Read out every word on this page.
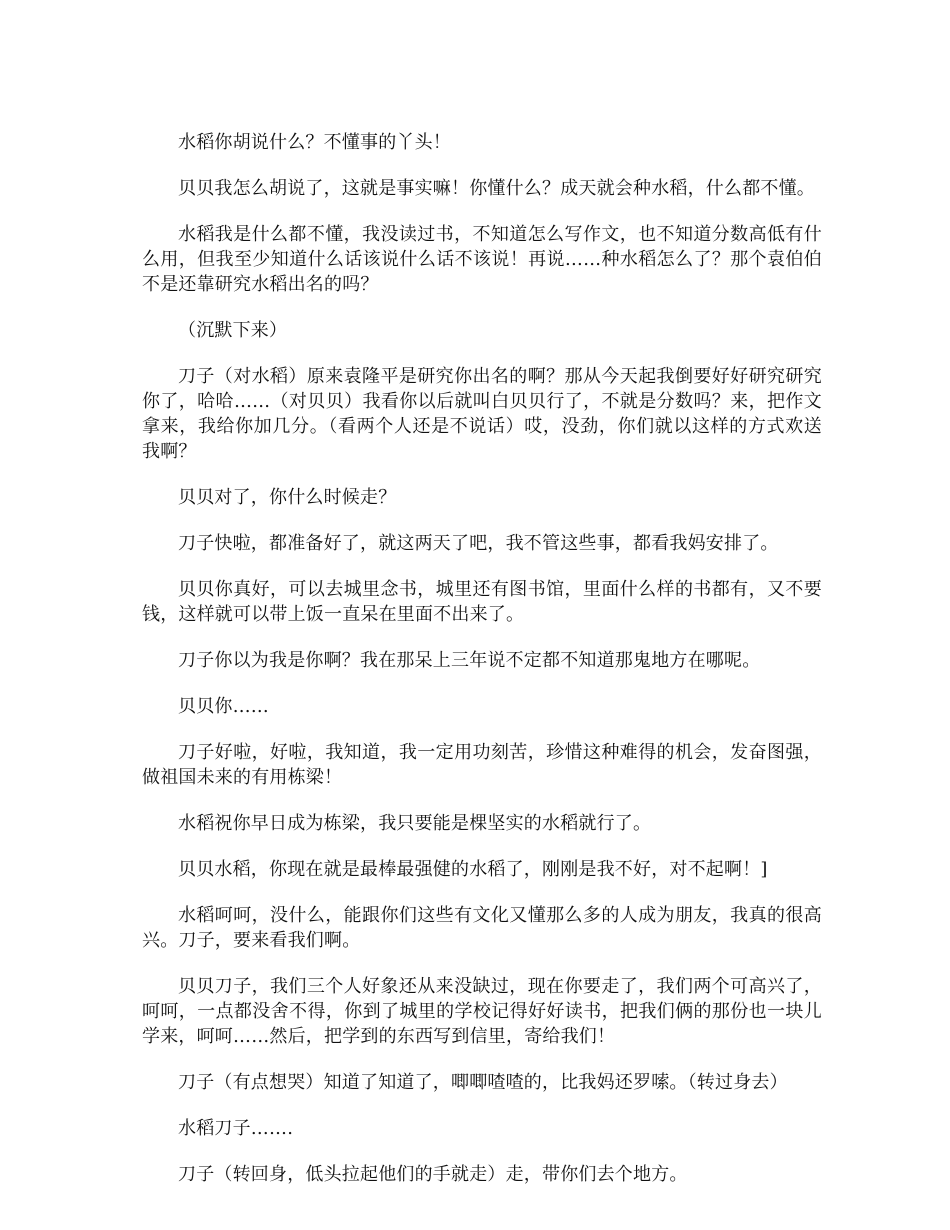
水稻你胡说什么？不懂事的丫头！

贝贝我怎么胡说了，这就是事实嘛！你懂什么？成天就会种水稻，什么都不懂。

水稻我是什么都不懂，我没读过书，不知道怎么写作文，也不知道分数高低有什么用，但我至少知道什么话该说什么话不该说！再说……种水稻怎么了？那个袁伯伯不是还靠研究水稻出名的吗？

（沉默下来）

刀子（对水稻）原来袁隆平是研究你出名的啊？那从今天起我倒要好好研究研究你了，哈哈……（对贝贝）我看你以后就叫白贝贝行了，不就是分数吗？来，把作文拿来，我给你加几分。（看两个人还是不说话）哎，没劲，你们就以这样的方式欢送我啊？

贝贝对了，你什么时候走？

刀子快啦，都准备好了，就这两天了吧，我不管这些事，都看我妈安排了。

贝贝你真好，可以去城里念书，城里还有图书馆，里面什么样的书都有，又不要钱，这样就可以带上饭一直呆在里面不出来了。

刀子你以为我是你啊？我在那呆上三年说不定都不知道那鬼地方在哪呢。

贝贝你……

刀子好啦，好啦，我知道，我一定用功刻苦，珍惜这种难得的机会，发奋图强，做祖国未来的有用栋梁！

水稻祝你早日成为栋梁，我只要能是棵坚实的水稻就行了。

贝贝水稻，你现在就是最棒最强健的水稻了，刚刚是我不好，对不起啊！]

水稻呵呵，没什么，能跟你们这些有文化又懂那么多的人成为朋友，我真的很高兴。刀子，要来看我们啊。

贝贝刀子，我们三个人好象还从来没缺过，现在你要走了，我们两个可高兴了，呵呵，一点都没舍不得，你到了城里的学校记得好好读书，把我们俩的那份也一块儿学来，呵呵……然后，把学到的东西写到信里，寄给我们！

刀子（有点想哭）知道了知道了，唧唧喳喳的，比我妈还罗嗦。（转过身去）

水稻刀子…….

刀子（转回身，低头拉起他们的手就走）走，带你们去个地方。
